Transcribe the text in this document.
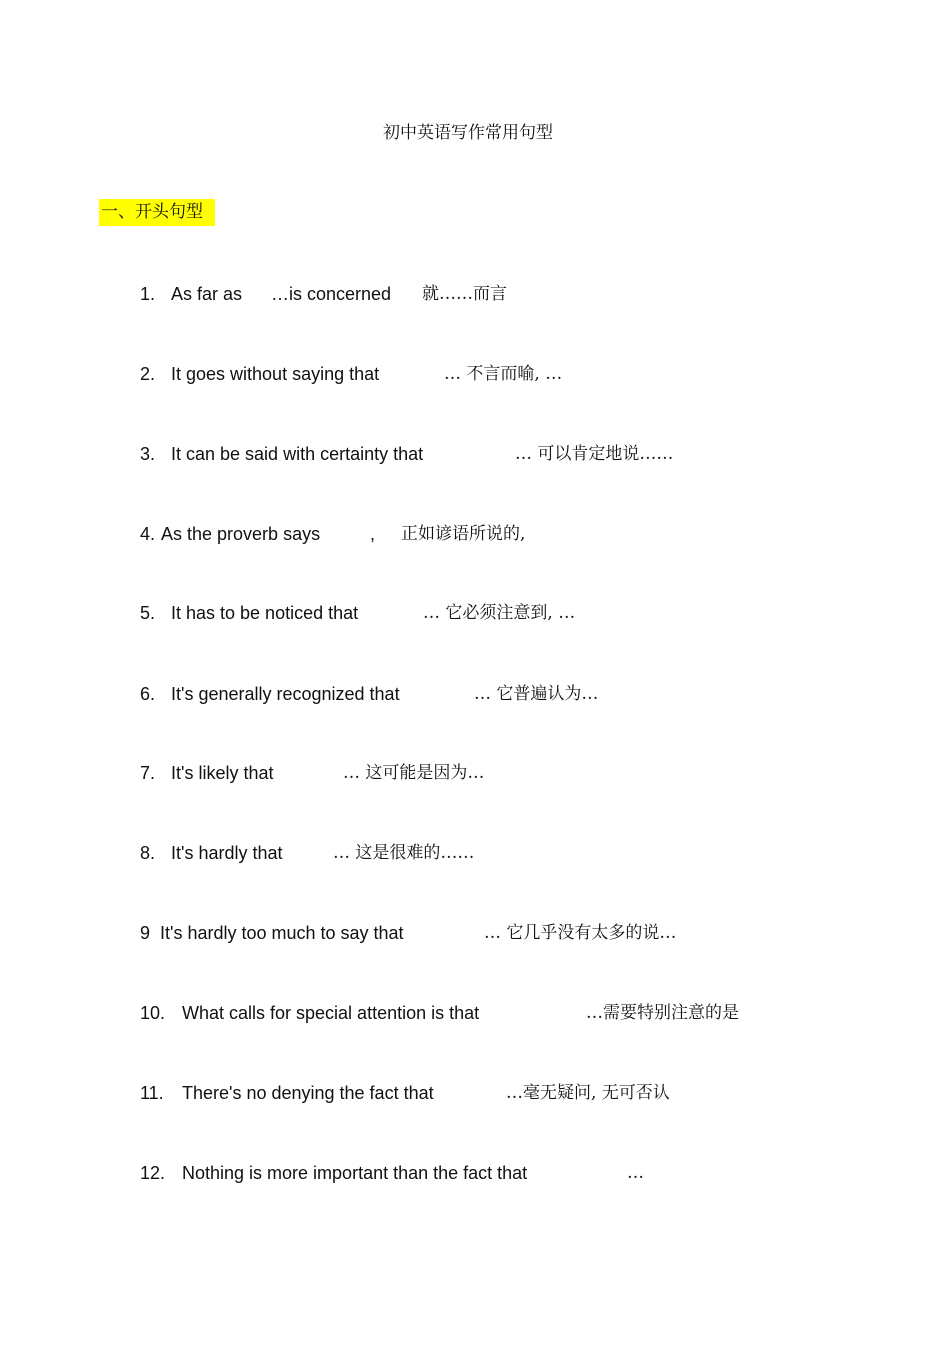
初中英语写作常用句型
一、开头句型
1. As far as …is concerned 就……而言
2. It goes without saying that	… 不言而喻, …
3. It can be said with certainty that	… 可以肯定地说……
4. As the proverb says	, 正如谚语所说的,
5. It has to be noticed that	… 它必须注意到, …
6. It's generally recognized that	… 它普遍认为…
7. It's likely that	… 这可能是因为…
8. It's hardly that	… 这是很难的……
9 It's hardly too much to say that	… 它几乎没有太多的说…
10. What calls for special attention is that	…需要特别注意的是
11. There's no denying the fact that	…毫无疑问, 无可否认
12. Nothing is more important than the fact that	…
